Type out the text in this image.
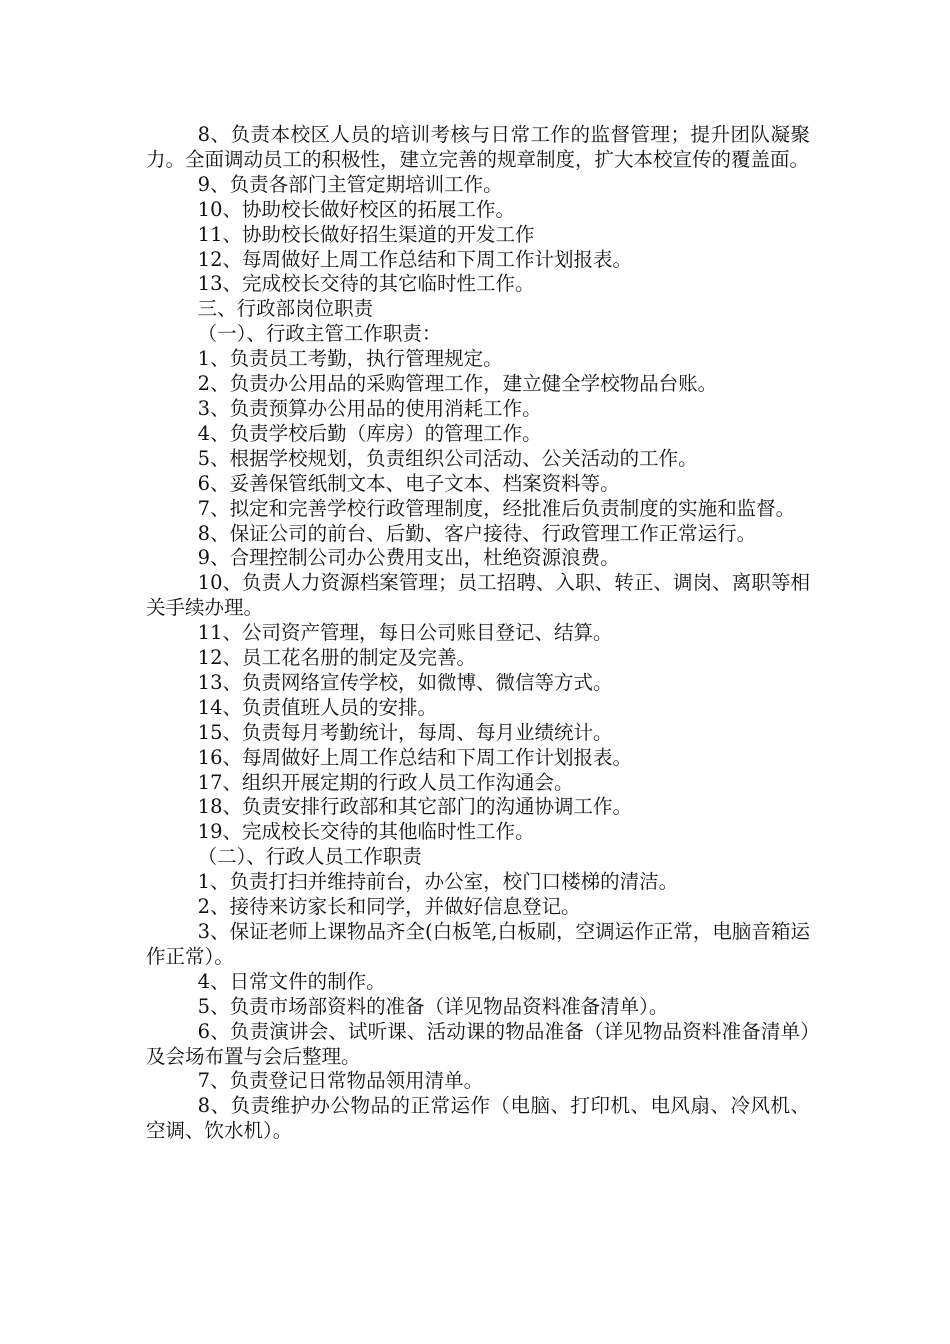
8、负责本校区人员的培训考核与日常工作的监督管理；提升团队凝聚力。全面调动员工的积极性，建立完善的规章制度，扩大本校宣传的覆盖面。

9、负责各部门主管定期培训工作。

10、协助校长做好校区的拓展工作。

11、协助校长做好招生渠道的开发工作

12、每周做好上周工作总结和下周工作计划报表。

13、完成校长交待的其它临时性工作。

三、行政部岗位职责

（一）、行政主管工作职责：

1、负责员工考勤，执行管理规定。

2、负责办公用品的采购管理工作，建立健全学校物品台账。

3、负责预算办公用品的使用消耗工作。

4、负责学校后勤（库房）的管理工作。

5、根据学校规划，负责组织公司活动、公关活动的工作。

6、妥善保管纸制文本、电子文本、档案资料等。

7、拟定和完善学校行政管理制度，经批准后负责制度的实施和监督。

8、保证公司的前台、后勤、客户接待、行政管理工作正常运行。

9、合理控制公司办公费用支出，杜绝资源浪费。

10、负责人力资源档案管理；员工招聘、入职、转正、调岗、离职等相关手续办理。

11、公司资产管理，每日公司账目登记、结算。

12、员工花名册的制定及完善。

13、负责网络宣传学校，如微博、微信等方式。

14、负责值班人员的安排。

15、负责每月考勤统计，每周、每月业绩统计。

16、每周做好上周工作总结和下周工作计划报表。

17、组织开展定期的行政人员工作沟通会。

18、负责安排行政部和其它部门的沟通协调工作。

19、完成校长交待的其他临时性工作。

（二）、行政人员工作职责

1、负责打扫并维持前台，办公室，校门口楼梯的清洁。

2、接待来访家长和同学，并做好信息登记。

3、保证老师上课物品齐全(白板笔,白板刷，空调运作正常，电脑音箱运作正常）。

4、日常文件的制作。

5、负责市场部资料的准备（详见物品资料准备清单）。

6、负责演讲会、试听课、活动课的物品准备（详见物品资料准备清单）及会场布置与会后整理。

7、负责登记日常物品领用清单。

8、负责维护办公物品的正常运作（电脑、打印机、电风扇、冷风机、空调、饮水机）。
